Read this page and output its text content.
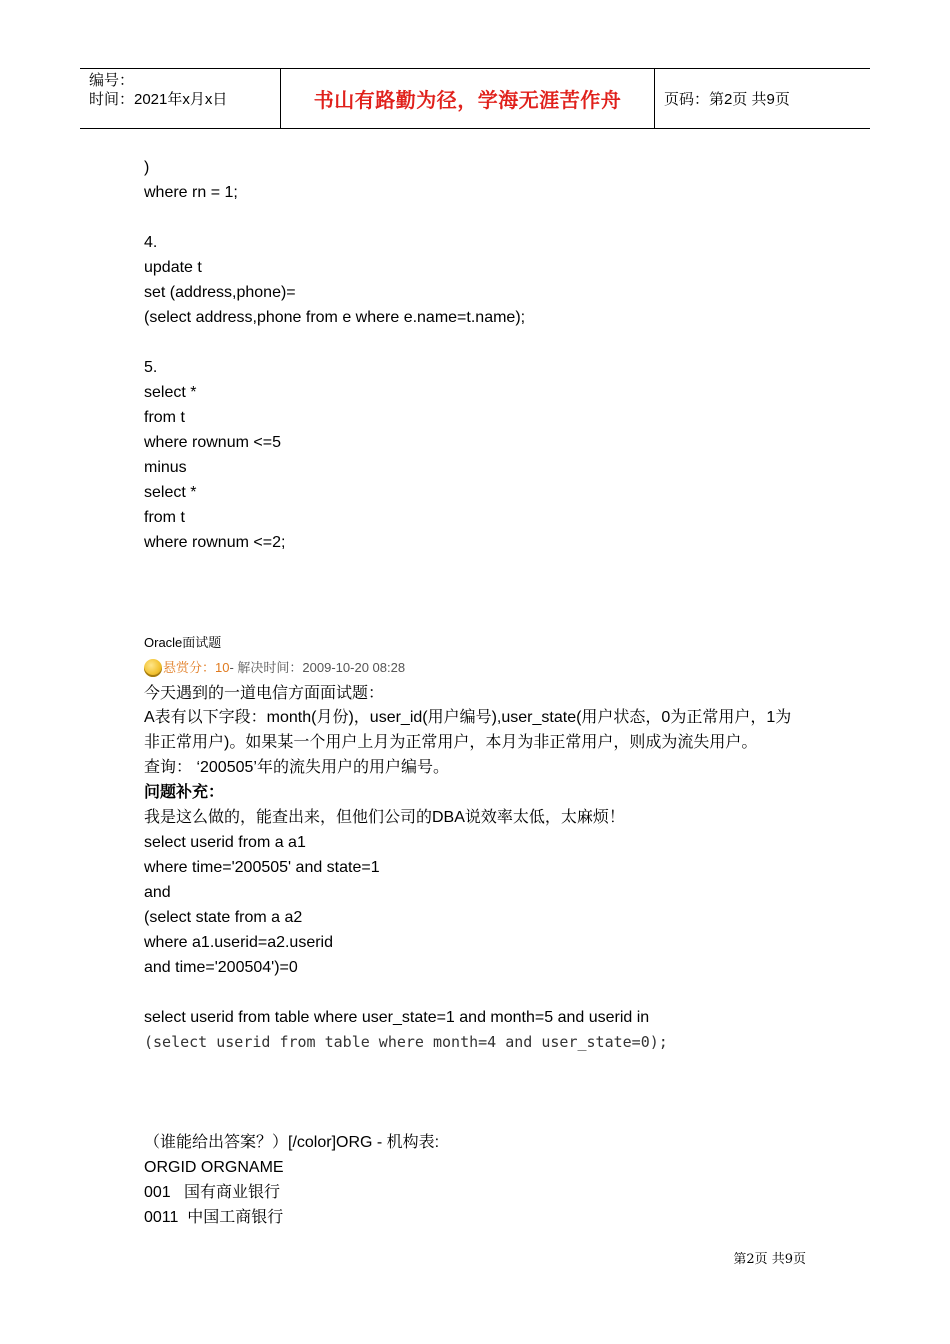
编号：
时间：2021年x月x日	书山有路勤为径，学海无涯苦作舟	页码：第2页 共9页
)
where rn = 1;
4.
update t
set (address,phone)=
(select address,phone from e where e.name=t.name);
5.
select *
from t
where rownum <=5
minus
select *
from t
where rownum <=2;
Oracle面试题
悬赏分： 10 - 解决时间：2009-10-20 08:28
今天遇到的一道电信方面面试题：
A表有以下字段：month(月份)，user_id(用户编号),user_state(用户状态，0为正常用户，1为
非正常用户)。如果某一个用户上月为正常用户，本月为非正常用户，则成为流失用户。
查询： ‘200505’年的流失用户的用户编号。
问题补充：
我是这么做的，能查出来，但他们公司的DBA说效率太低，太麻烦！
select userid from a a1
where time='200505' and state=1
and
(select state from a a2
where a1.userid=a2.userid
and time='200504')=0
select userid from table where user_state=1 and month=5 and userid in
(select userid from table where month=4 and user_state=0);
（谁能给出答案？）[/color]ORG - 机构表:
ORGID ORGNAME
001   国有商业银行
0011  中国工商银行
第2页 共9页
